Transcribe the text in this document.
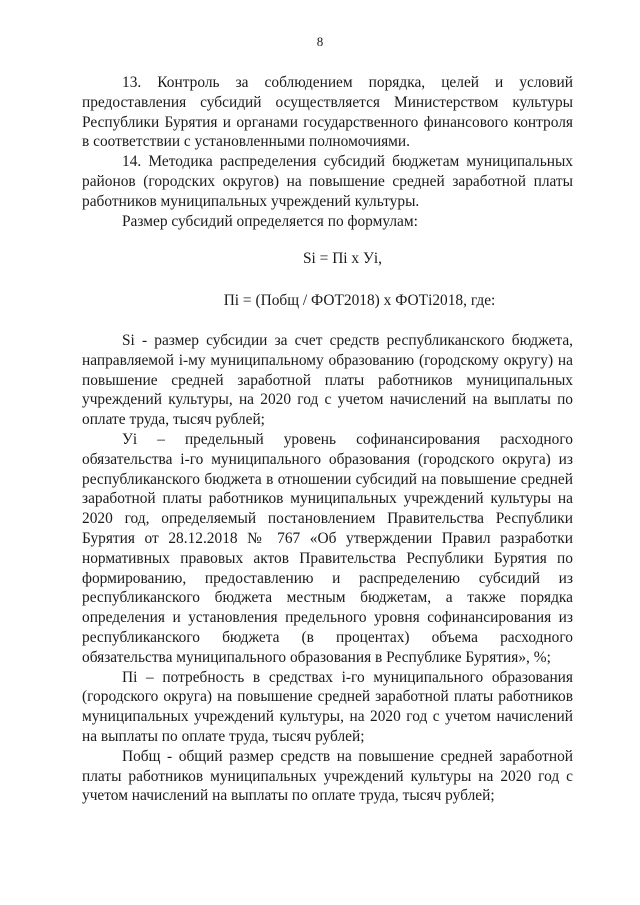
8

13. Контроль за соблюдением порядка, целей и условий предоставления субсидий осуществляется Министерством культуры Республики Бурятия и органами государственного финансового контроля в соответствии с установленными полномочиями.

14. Методика распределения субсидий бюджетам муниципальных районов (городских округов) на повышение средней заработной платы работников муниципальных учреждений культуры.

Размер субсидий определяется по формулам:

Si = Пi x Уi,

Пi = (Побщ / ФОТ2018) x ФОТi2018, где:

Si - размер субсидии за счет средств республиканского бюджета, направляемой i-му муниципальному образованию (городскому округу) на повышение средней заработной платы работников муниципальных учреждений культуры, на 2020 год с учетом начислений на выплаты по оплате труда, тысяч рублей;

Уi – предельный уровень софинансирования расходного обязательства i-го муниципального образования (городского округа) из республиканского бюджета в отношении субсидий на повышение средней заработной платы работников муниципальных учреждений культуры на 2020 год, определяемый постановлением Правительства Республики Бурятия от 28.12.2018 № 767 «Об утверждении Правил разработки нормативных правовых актов Правительства Республики Бурятия по формированию, предоставлению и распределению субсидий из республиканского бюджета местным бюджетам, а также порядка определения и установления предельного уровня софинансирования из республиканского бюджета (в процентах) объема расходного обязательства муниципального образования в Республике Бурятия», %;

Пi – потребность в средствах i-го муниципального образования (городского округа) на повышение средней заработной платы работников муниципальных учреждений культуры, на 2020 год с учетом начислений на выплаты по оплате труда, тысяч рублей;

Побщ - общий размер средств на повышение средней заработной платы работников муниципальных учреждений культуры на 2020 год с учетом начислений на выплаты по оплате труда, тысяч рублей;
